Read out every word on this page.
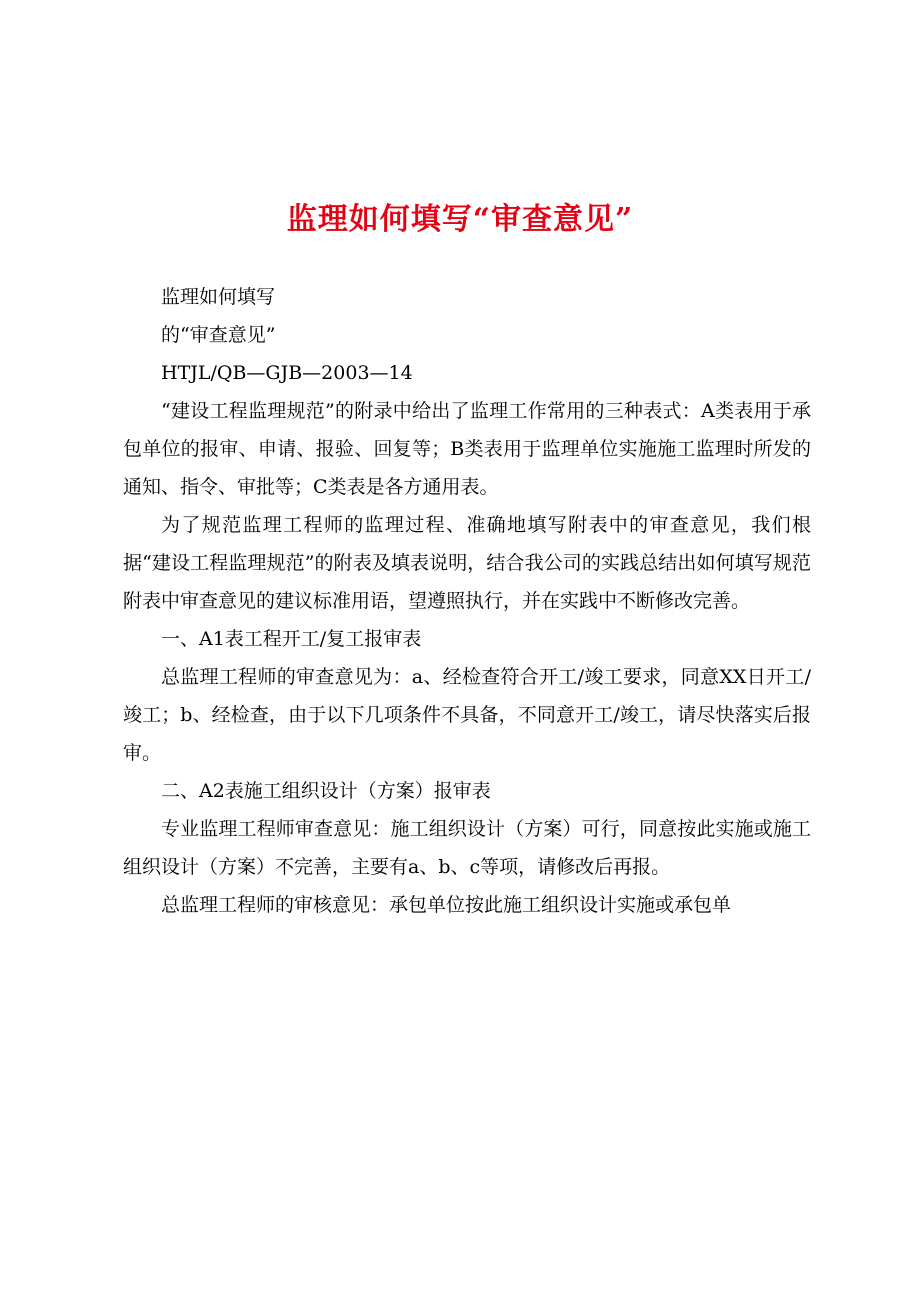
监理如何填写“审查意见”

监理如何填写

的“审查意见”

HTJL/QB—GJB—2003—14

“建设工程监理规范”的附录中给出了监理工作常用的三种表式：A类表用于承包单位的报审、申请、报验、回复等；B类表用于监理单位实施施工监理时所发的通知、指令、审批等；C类表是各方通用表。

为了规范监理工程师的监理过程、准确地填写附表中的审查意见，我们根据“建设工程监理规范”的附表及填表说明，结合我公司的实践总结出如何填写规范附表中审查意见的建议标准用语，望遵照执行，并在实践中不断修改完善。

一、A1表工程开工/复工报审表

总监理工程师的审查意见为：a、经检查符合开工/竣工要求，同意XX日开工/竣工；b、经检查，由于以下几项条件不具备，不同意开工/竣工，请尽快落实后报审。

二、A2表施工组织设计（方案）报审表

专业监理工程师审查意见：施工组织设计（方案）可行，同意按此实施或施工组织设计（方案）不完善，主要有a、b、c等项，请修改后再报。

总监理工程师的审核意见：承包单位按此施工组织设计实施或承包单
